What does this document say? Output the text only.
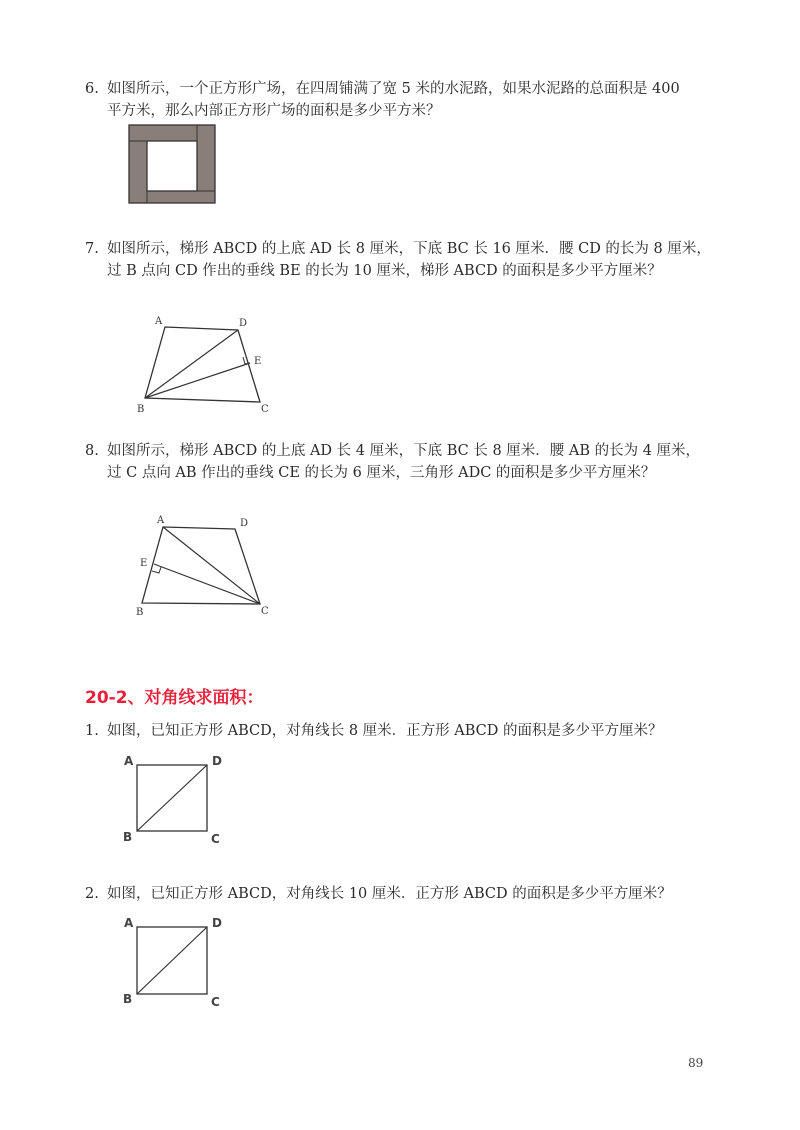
6. 如图所示，一个正方形广场，在四周铺满了宽 5 米的水泥路，如果水泥路的总面积是 400
平方米，那么内部正方形广场的面积是多少平方米？
7. 如图所示，梯形 ABCD 的上底 AD 长 8 厘米，下底 BC 长 16 厘米．腰 CD 的长为 8 厘米，
过 B 点向 CD 作出的垂线 BE 的长为 10 厘米，梯形 ABCD 的面积是多少平方厘米？
A	D
E
B	C
8. 如图所示，梯形 ABCD 的上底 AD 长 4 厘米，下底 BC 长 8 厘米．腰 AB 的长为 4 厘米，
过 C 点向 AB 作出的垂线 CE 的长为 6 厘米，三角形 ADC 的面积是多少平方厘米？
A	D
E
B	C
20-2、对角线求面积：
1. 如图，已知正方形 ABCD，对角线长 8 厘米．正方形 ABCD 的面积是多少平方厘米？
A	D
B	C
2. 如图，已知正方形 ABCD，对角线长 10 厘米．正方形 ABCD 的面积是多少平方厘米？
A	D
B	C
89
